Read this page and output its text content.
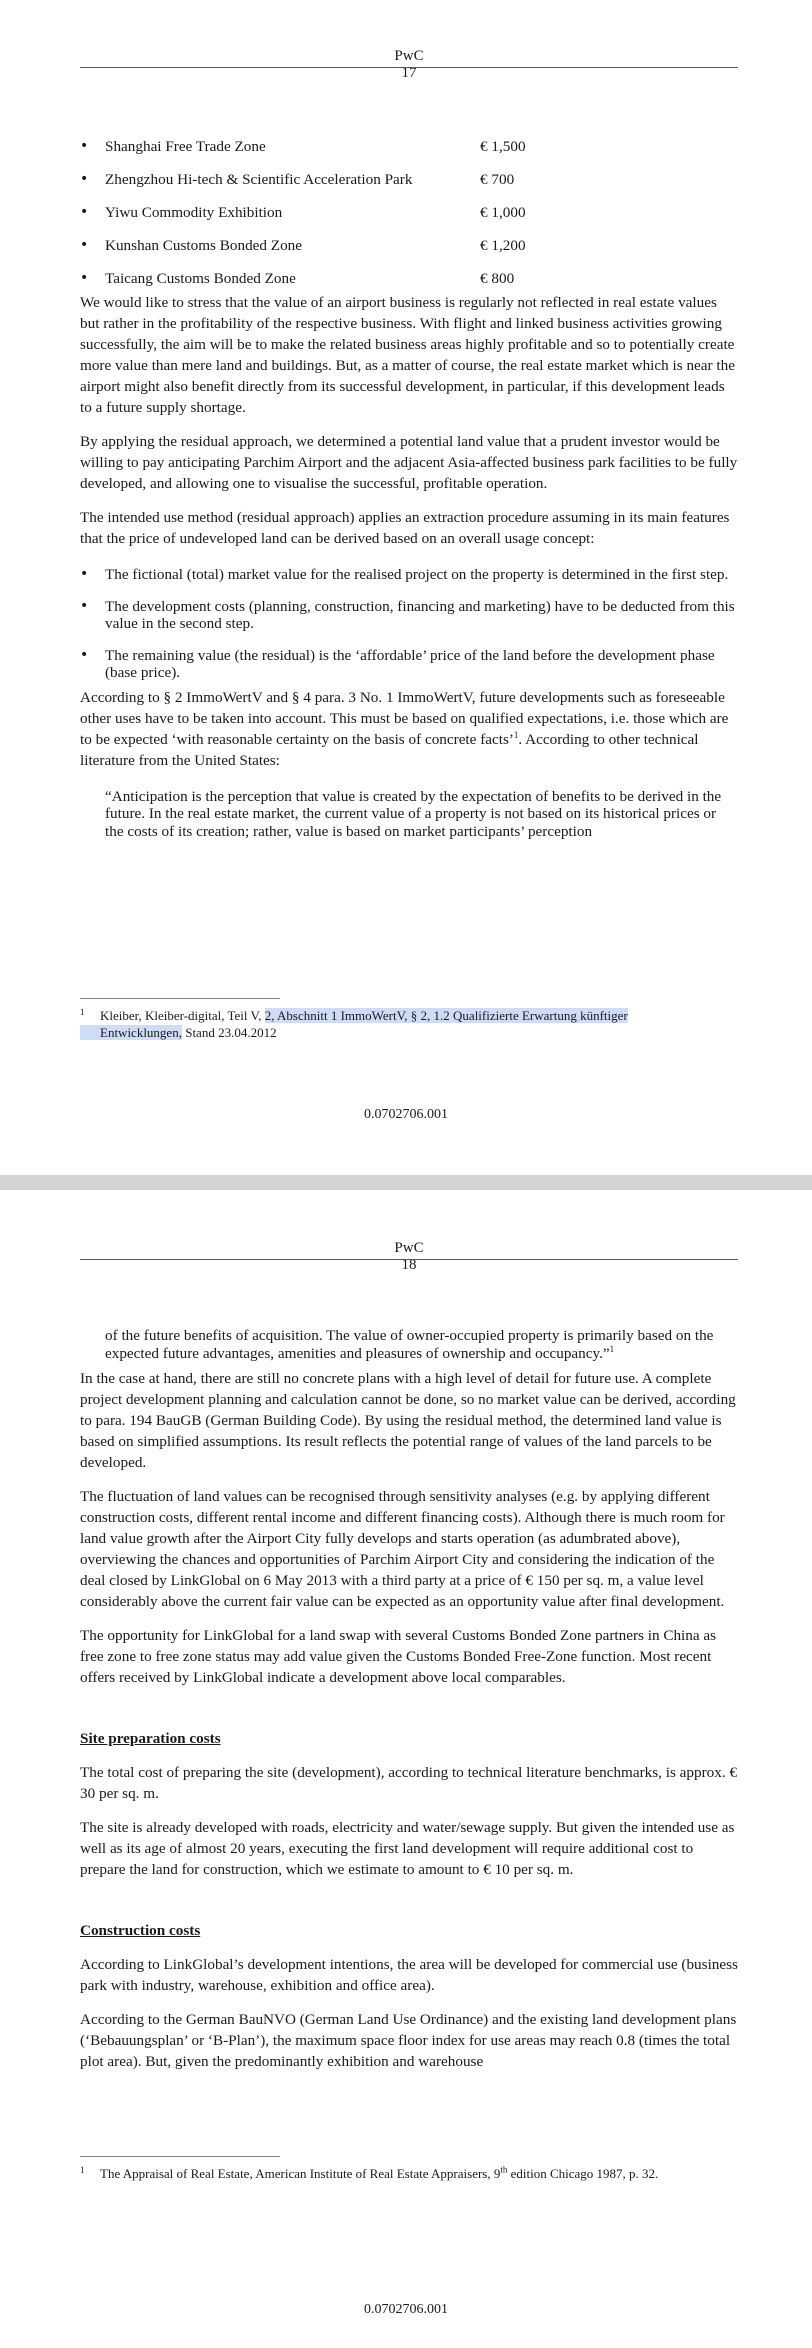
PwC
17
• Shanghai Free Trade Zone	€ 1,500
• Zhengzhou Hi-tech & Scientific Acceleration Park	€ 700
• Yiwu Commodity Exhibition	€ 1,000
• Kunshan Customs Bonded Zone	€ 1,200
• Taicang Customs Bonded Zone	€ 800

We would like to stress that the value of an airport business is regularly not reflected in real estate values but rather in the profitability of the respective business. With flight and linked business activities growing successfully, the aim will be to make the related business areas highly profitable and so to potentially create more value than mere land and buildings. But, as a matter of course, the real estate market which is near the airport might also benefit directly from its successful development, in particular, if this development leads to a future supply shortage.

By applying the residual approach, we determined a potential land value that a prudent investor would be willing to pay anticipating Parchim Airport and the adjacent Asia-affected business park facilities to be fully developed, and allowing one to visualise the successful, profitable operation.

The intended use method (residual approach) applies an extraction procedure assuming in its main features that the price of undeveloped land can be derived based on an overall usage concept:

• The fictional (total) market value for the realised project on the property is determined in the first step.
• The development costs (planning, construction, financing and marketing) have to be deducted from this value in the second step.
• The remaining value (the residual) is the ‘affordable’ price of the land before the development phase (base price).

According to § 2 ImmoWertV and § 4 para. 3 No. 1 ImmoWertV, future developments such as foreseeable other uses have to be taken into account. This must be based on qualified expectations, i.e. those which are to be expected ‘with reasonable certainty on the basis of concrete facts’$^1$. According to other technical literature from the United States:

“Anticipation is the perception that value is created by the expectation of benefits to be derived in the future. In the real estate market, the current value of a property is not based on its historical prices or the costs of its creation; rather, value is based on market participants’ perception

1 Kleiber, Kleiber-digital, Teil V, 2, Abschnitt 1 ImmoWertV, § 2, 1.2 Qualifizierte Erwartung künftiger
Entwicklungen, Stand 23.04.2012
0.0702706.001
PwC
18

of the future benefits of acquisition. The value of owner-occupied property is primarily based on the expected future advantages, amenities and pleasures of ownership and occupancy.”$^1$

In the case at hand, there are still no concrete plans with a high level of detail for future use. A complete project development planning and calculation cannot be done, so no market value can be derived, according to para. 194 BauGB (German Building Code). By using the residual method, the determined land value is based on simplified assumptions. Its result reflects the potential range of values of the land parcels to be developed.

The fluctuation of land values can be recognised through sensitivity analyses (e.g. by applying different construction costs, different rental income and different financing costs). Although there is much room for land value growth after the Airport City fully develops and starts operation (as adumbrated above), overviewing the chances and opportunities of Parchim Airport City and considering the indication of the deal closed by LinkGlobal on 6 May 2013 with a third party at a price of € 150 per sq. m, a value level considerably above the current fair value can be expected as an opportunity value after final development.

The opportunity for LinkGlobal for a land swap with several Customs Bonded Zone partners in China as free zone to free zone status may add value given the Customs Bonded Free-Zone function. Most recent offers received by LinkGlobal indicate a development above local comparables.

Site preparation costs

The total cost of preparing the site (development), according to technical literature benchmarks, is approx. € 30 per sq. m.

The site is already developed with roads, electricity and water/sewage supply. But given the intended use as well as its age of almost 20 years, executing the first land development will require additional cost to prepare the land for construction, which we estimate to amount to € 10 per sq. m.

Construction costs

According to LinkGlobal’s development intentions, the area will be developed for commercial use (business park with industry, warehouse, exhibition and office area).

According to the German BauNVO (German Land Use Ordinance) and the existing land development plans (‘Bebauungsplan’ or ‘B-Plan’), the maximum space floor index for use areas may reach 0.8 (times the total plot area). But, given the predominantly exhibition and warehouse

1 The Appraisal of Real Estate, American Institute of Real Estate Appraisers, 9th edition Chicago 1987, p. 32.
0.0702706.001
